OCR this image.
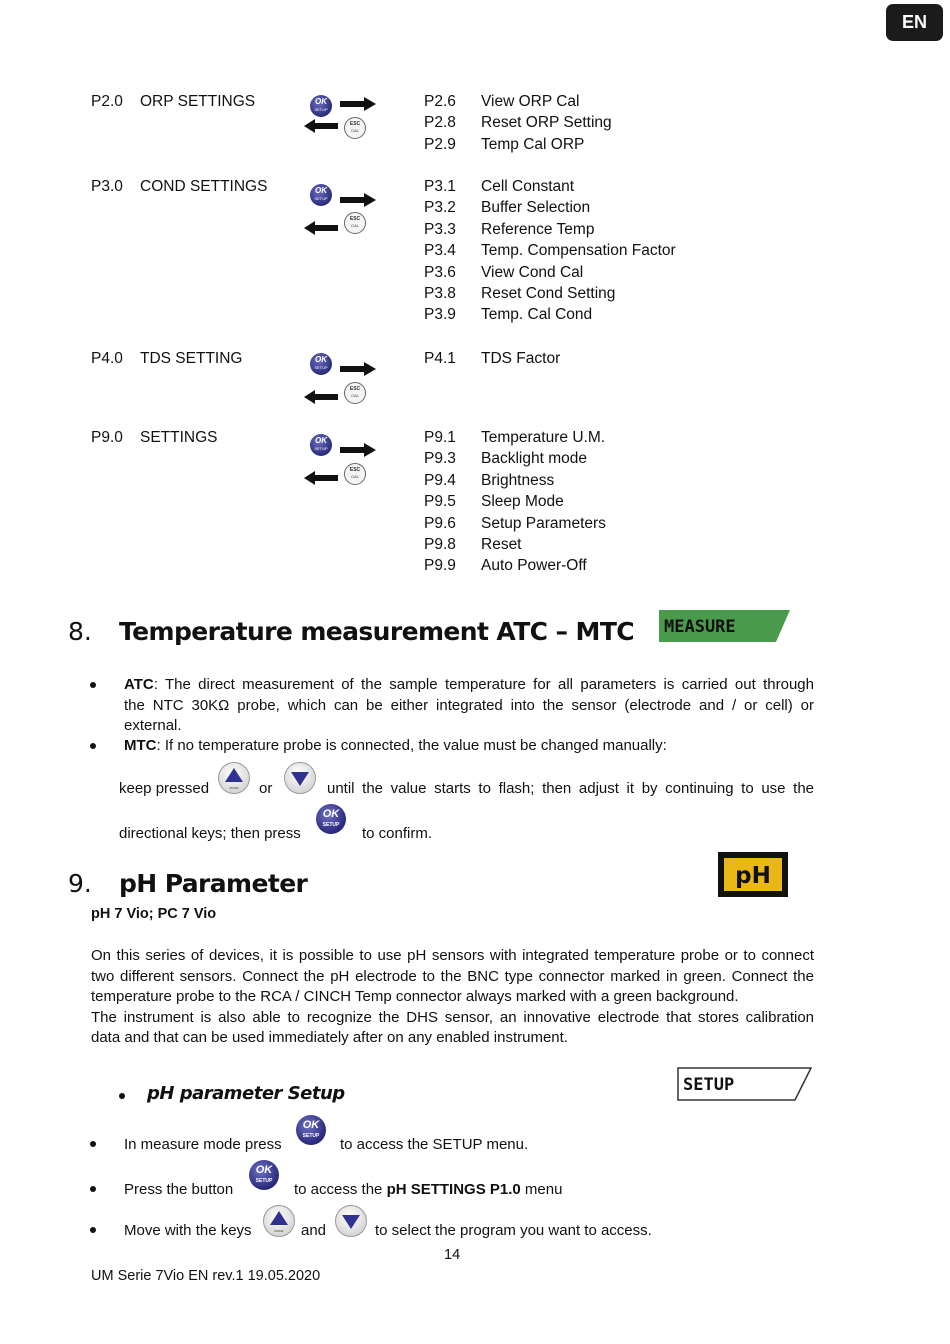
EN
P2.0 ORP SETTINGS	OK
SETUP
ESC
CAL
P2.6 View ORP Cal
P2.8 Reset ORP Setting
P2.9 Temp Cal ORP
P3.0 COND SETTINGS	OK
SETUP
ESC
CAL
P3.1 Cell Constant
P3.2 Buffer Selection
P3.3 Reference Temp
P3.4 Temp. Compensation Factor
P3.6 View Cond Cal
P3.8 Reset Cond Setting
P3.9 Temp. Cal Cond
P4.0 TDS SETTING	OK
SETUP
ESC
CAL
P4.1 TDS Factor
P9.0 SETTINGS	OK
SETUP
ESC
CAL
P9.1 Temperature U.M.
P9.3 Backlight mode
P9.4 Brightness
P9.5 Sleep Mode
P9.6 Setup Parameters
P9.8 Reset
P9.9 Auto Power-Off
8. Temperature measurement ATC – MTC MEASURE
ATC: The direct measurement of the sample temperature for all parameters is carried out through
the NTC 30KΩ probe, which can be either integrated into the sensor (electrode and / or cell) or
external.
MTC: If no temperature probe is connected, the value must be changed manually:
keep pressed	MODE	or	until the value starts to flash; then adjust it by continuing to use the
directional keys; then press
OK
SETUP	to confirm.
9. pH Parameter	pH
pH 7 Vio; PC 7 Vio
On this series of devices, it is possible to use pH sensors with integrated temperature probe or to connect
two different sensors. Connect the pH electrode to the BNC type connector marked in green. Connect the
temperature probe to the RCA / CINCH Temp connector always marked with a green background.
The instrument is also able to recognize the DHS sensor, an innovative electrode that stores calibration
data and that can be used immediately after on any enabled instrument.
pH parameter Setup	SETUP
In measure mode press
OK
SETUP	to access the SETUP menu.
Press the button
OK
SETUP	to access the pH SETTINGS P1.0 menu
Move with the keys	MODE	and	to select the program you want to access.
14
UM Serie 7Vio EN rev.1 19.05.2020
